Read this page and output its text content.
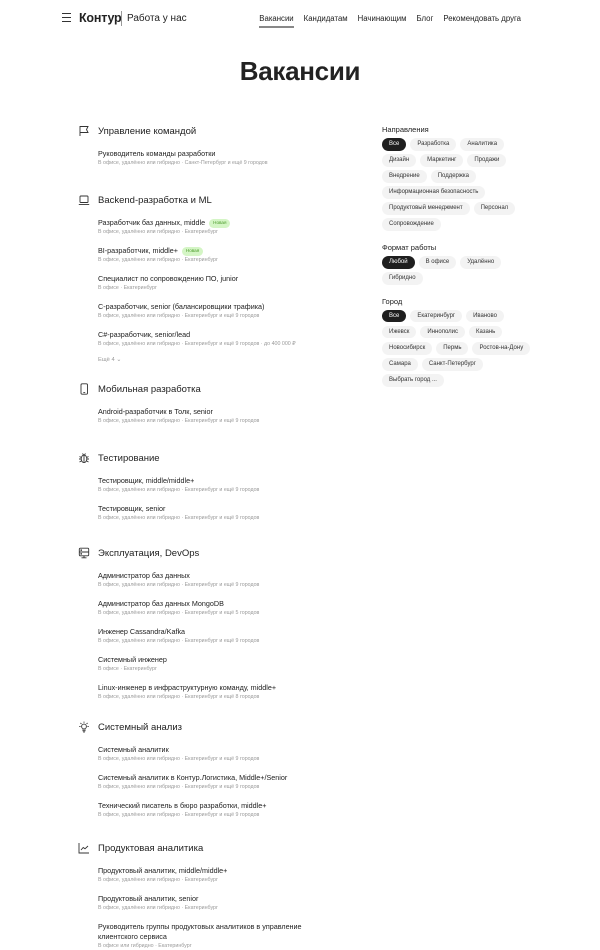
Контур Работа у нас	Вакансии Кандидатам Начинающим Блог Рекомендовать друга
Вакансии
Управление командой
Руководитель команды разработки
В офисе, удалённо или гибридно · Санкт-Петербург и ещё 9 городов
Backend-разработка и ML
Разработчик баз данных, middle	Новая
В офисе, удалённо или гибридно · Екатеринбург
BI-разработчик, middle+	Новая
В офисе, удалённо или гибридно · Екатеринбург
Специалист по сопровождению ПО, junior
В офисе · Екатеринбург
C-разработчик, senior (балансировщики трафика)
В офисе, удалённо или гибридно · Екатеринбург и ещё 9 городов
C#-разработчик, senior/lead
В офисе, удалённо или гибридно · Екатеринбург и ещё 9 городов · до 400 000 ₽
Ещё 4 ⌄
Мобильная разработка
Android-разработчик в Толк, senior
В офисе, удалённо или гибридно · Екатеринбург и ещё 9 городов
Тестирование
Тестировщик, middle/middle+
В офисе, удалённо или гибридно · Екатеринбург и ещё 9 городов
Тестировщик, senior
В офисе, удалённо или гибридно · Екатеринбург и ещё 9 городов
Эксплуатация, DevOps
Администратор баз данных
В офисе, удалённо или гибридно · Екатеринбург и ещё 9 городов
Администратор баз данных MongoDB
В офисе, удалённо или гибридно · Екатеринбург и ещё 5 городов
Инженер Cassandra/Kafka
В офисе, удалённо или гибридно · Екатеринбург и ещё 9 городов
Системный инженер
В офисе · Екатеринбург
Linux-инженер в инфраструктурную команду, middle+
В офисе, удалённо или гибридно · Екатеринбург и ещё 8 городов
Системный анализ
Системный аналитик
В офисе, удалённо или гибридно · Екатеринбург и ещё 9 городов
Системный аналитик в Контур.Логистика, Middle+/Senior
В офисе, удалённо или гибридно · Екатеринбург и ещё 9 городов
Технический писатель в бюро разработки, middle+
В офисе, удалённо или гибридно · Екатеринбург и ещё 9 городов
Продуктовая аналитика
Продуктовый аналитик, middle/middle+
В офисе, удалённо или гибридно · Екатеринбург
Продуктовый аналитик, senior
В офисе, удалённо или гибридно · Екатеринбург
Руководитель группы продуктовых аналитиков в управление клиентского сервиса
В офисе или гибридно · Екатеринбург
Направления
Все	Разработка	Аналитика
Дизайн	Маркетинг	Продажи
Внедрение	Поддержка
Информационная безопасность
Продуктовый менеджмент	Персонал
Сопровождение
Формат работы
Любой	В офисе	Удалённо
Гибридно
Город
Все	Екатеринбург	Иваново
Ижевск	Иннополис	Казань
Новосибирск	Пермь	Ростов-на-Дону
Самара	Санкт-Петербург
Выбрать город ...
